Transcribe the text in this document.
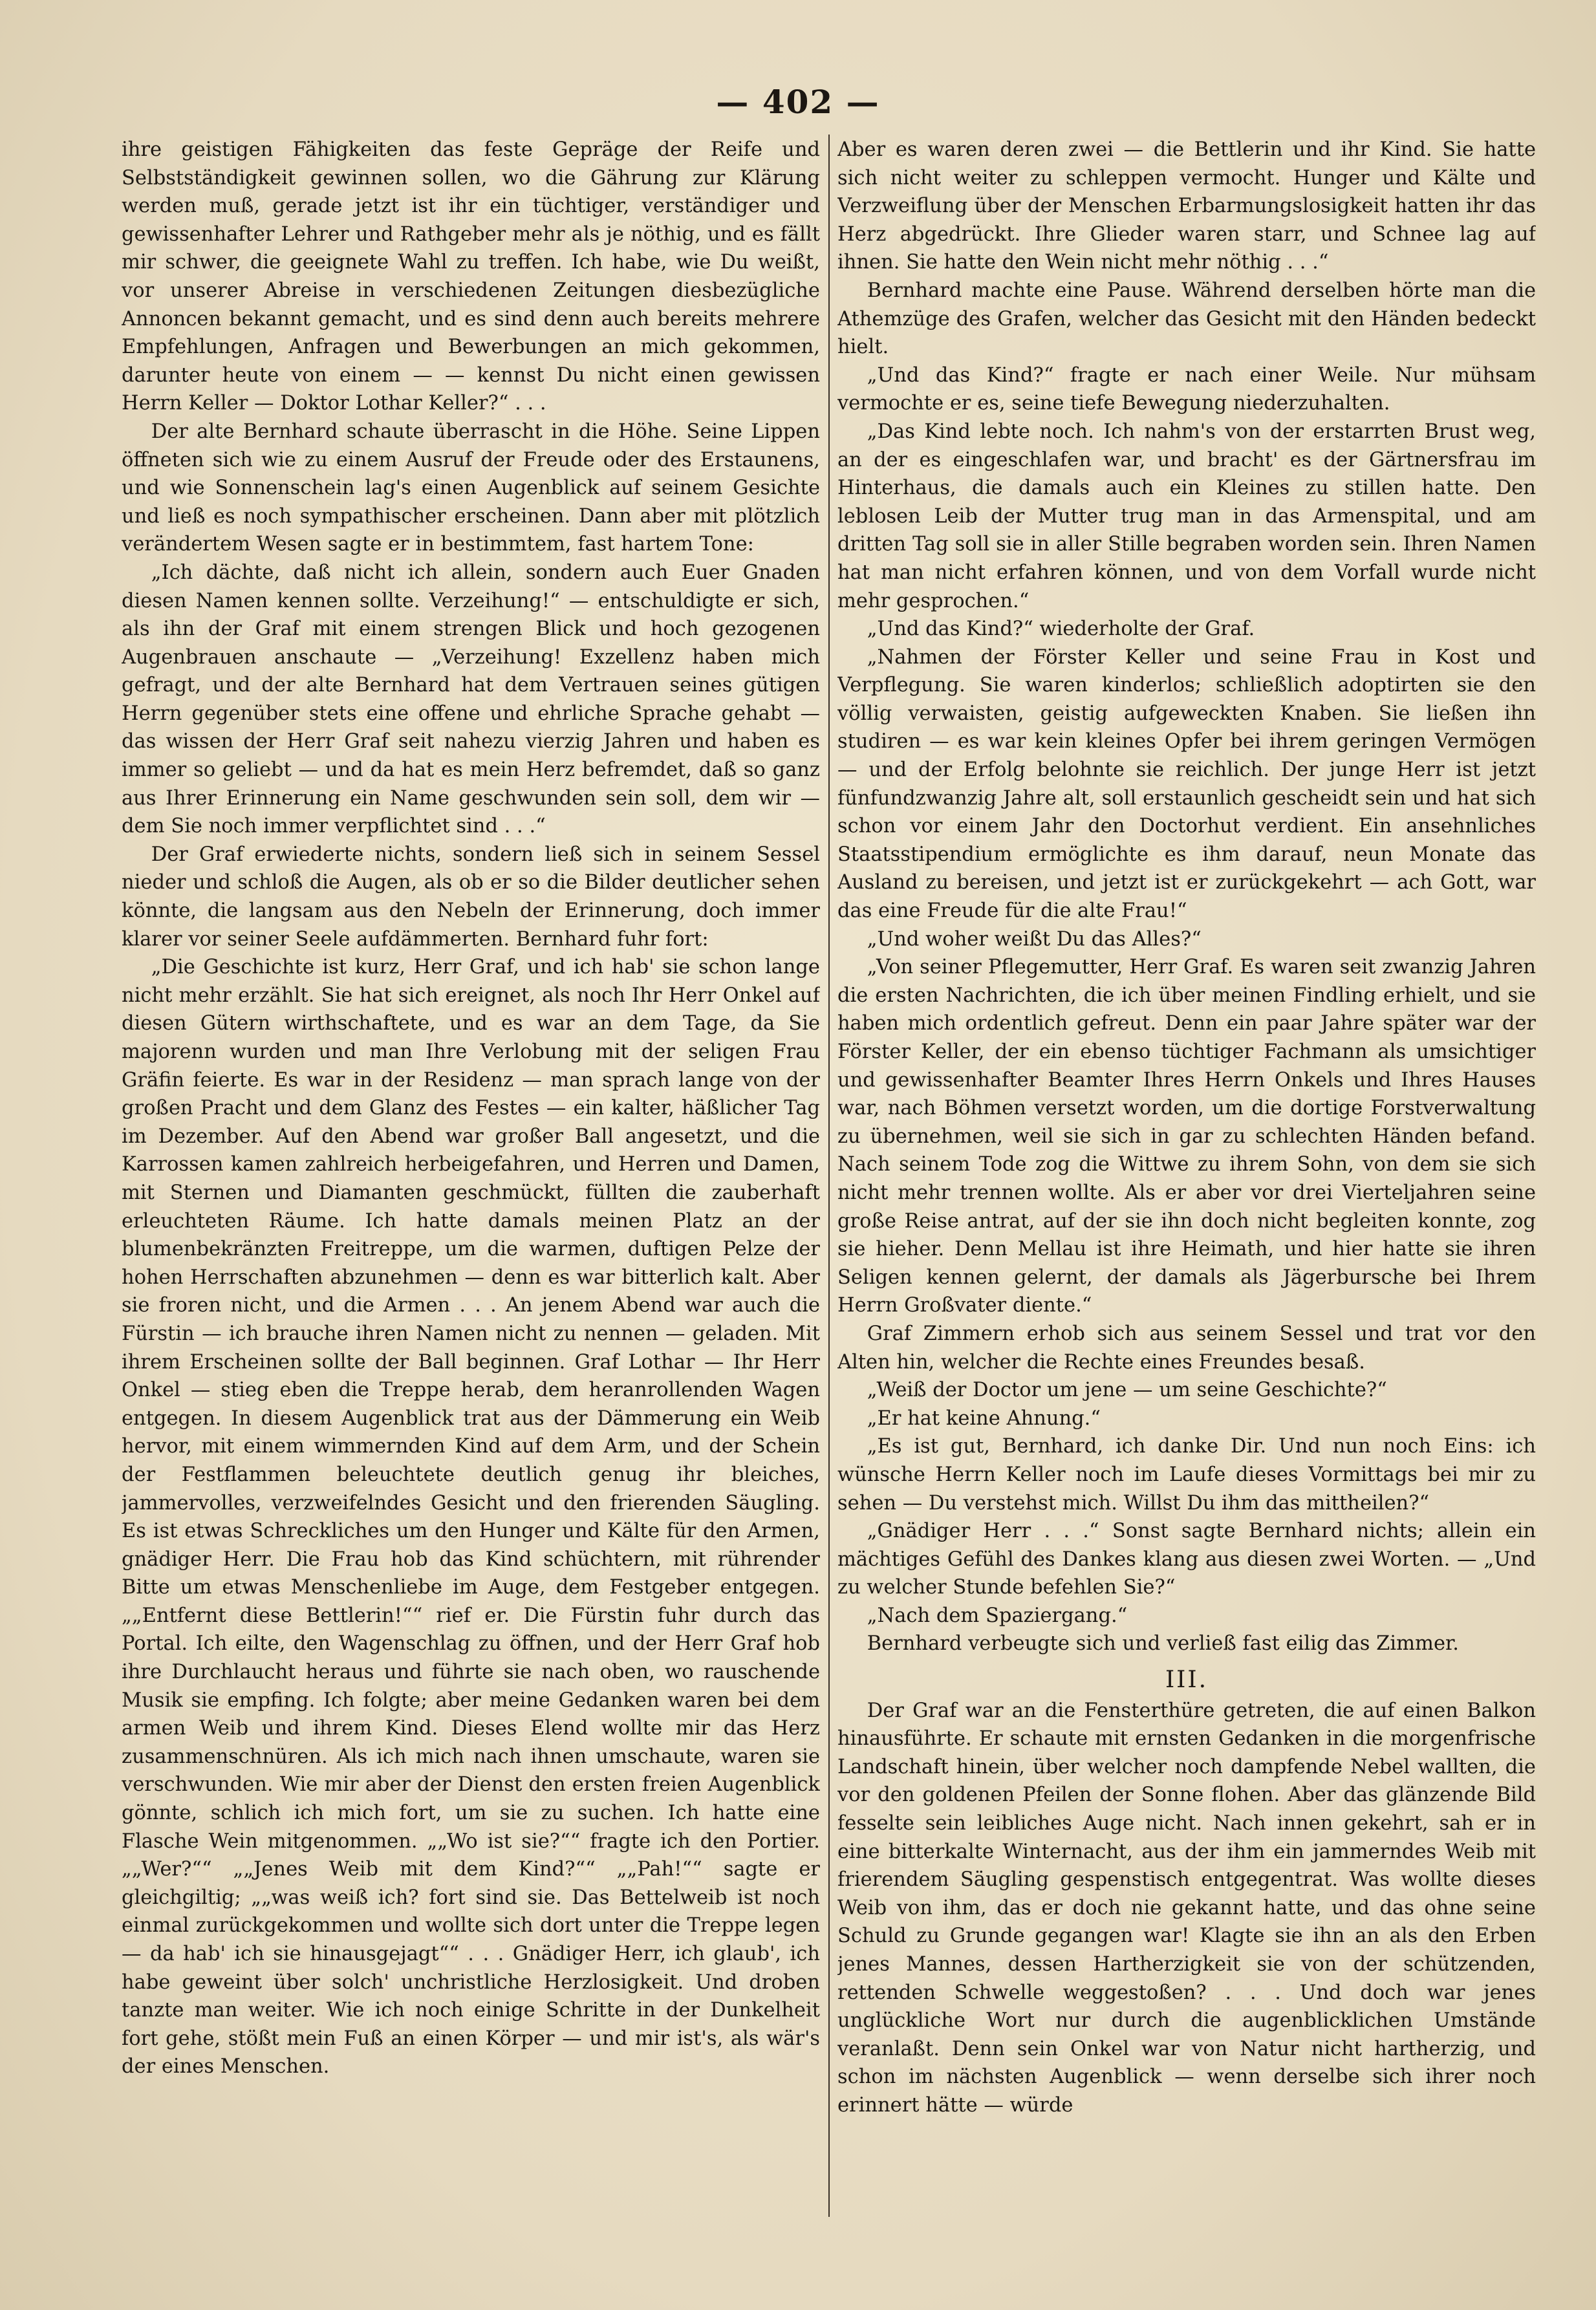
— 402 —

ihre geistigen Fähigkeiten das feste Gepräge der Reife und Selbstständigkeit gewinnen sollen, wo die Gährung zur Klärung werden muß, gerade jetzt ist ihr ein tüchtiger, verständiger und gewissenhafter Lehrer und Rathgeber mehr als je nöthig, und es fällt mir schwer, die geeignete Wahl zu treffen. Ich habe, wie Du weißt, vor unserer Abreise in verschiedenen Zeitungen diesbezügliche Annoncen bekannt gemacht, und es sind denn auch bereits mehrere Empfehlungen, Anfragen und Bewerbungen an mich gekommen, darunter heute von einem — — kennst Du nicht einen gewissen Herrn Keller — Doktor Lothar Keller?“ . . .

Der alte Bernhard schaute überrascht in die Höhe. Seine Lippen öffneten sich wie zu einem Ausruf der Freude oder des Erstaunens, und wie Sonnenschein lag's einen Augenblick auf seinem Gesichte und ließ es noch sympathischer erscheinen. Dann aber mit plötzlich verändertem Wesen sagte er in bestimmtem, fast hartem Tone:

„Ich dächte, daß nicht ich allein, sondern auch Euer Gnaden diesen Namen kennen sollte. Verzeihung!“ — entschuldigte er sich, als ihn der Graf mit einem strengen Blick und hoch gezogenen Augenbrauen anschaute — „Verzeihung! Exzellenz haben mich gefragt, und der alte Bernhard hat dem Vertrauen seines gütigen Herrn gegenüber stets eine offene und ehrliche Sprache gehabt — das wissen der Herr Graf seit nahezu vierzig Jahren und haben es immer so geliebt — und da hat es mein Herz befremdet, daß so ganz aus Ihrer Erinnerung ein Name geschwunden sein soll, dem wir — dem Sie noch immer verpflichtet sind . . .“

Der Graf erwiederte nichts, sondern ließ sich in seinem Sessel nieder und schloß die Augen, als ob er so die Bilder deutlicher sehen könnte, die langsam aus den Nebeln der Erinnerung, doch immer klarer vor seiner Seele aufdämmerten. Bernhard fuhr fort:

„Die Geschichte ist kurz, Herr Graf, und ich hab' sie schon lange nicht mehr erzählt. Sie hat sich ereignet, als noch Ihr Herr Onkel auf diesen Gütern wirthschaftete, und es war an dem Tage, da Sie majorenn wurden und man Ihre Verlobung mit der seligen Frau Gräfin feierte. Es war in der Residenz — man sprach lange von der großen Pracht und dem Glanz des Festes — ein kalter, häßlicher Tag im Dezember. Auf den Abend war großer Ball angesetzt, und die Karrossen kamen zahlreich herbeigefahren, und Herren und Damen, mit Sternen und Diamanten geschmückt, füllten die zauberhaft erleuchteten Räume. Ich hatte damals meinen Platz an der blumenbekränzten Freitreppe, um die warmen, duftigen Pelze der hohen Herrschaften abzunehmen — denn es war bitterlich kalt. Aber sie froren nicht, und die Armen . . . An jenem Abend war auch die Fürstin — ich brauche ihren Namen nicht zu nennen — geladen. Mit ihrem Erscheinen sollte der Ball beginnen. Graf Lothar — Ihr Herr Onkel — stieg eben die Treppe herab, dem heranrollenden Wagen entgegen. In diesem Augenblick trat aus der Dämmerung ein Weib hervor, mit einem wimmernden Kind auf dem Arm, und der Schein der Festflammen beleuchtete deutlich genug ihr bleiches, jammervolles, verzweifelndes Gesicht und den frierenden Säugling. Es ist etwas Schreckliches um den Hunger und Kälte für den Armen, gnädiger Herr. Die Frau hob das Kind schüchtern, mit rührender Bitte um etwas Menschenliebe im Auge, dem Festgeber entgegen. „„Entfernt diese Bettlerin!““ rief er. Die Fürstin fuhr durch das Portal. Ich eilte, den Wagenschlag zu öffnen, und der Herr Graf hob ihre Durchlaucht heraus und führte sie nach oben, wo rauschende Musik sie empfing. Ich folgte; aber meine Gedanken waren bei dem armen Weib und ihrem Kind. Dieses Elend wollte mir das Herz zusammenschnüren. Als ich mich nach ihnen umschaute, waren sie verschwunden. Wie mir aber der Dienst den ersten freien Augenblick gönnte, schlich ich mich fort, um sie zu suchen. Ich hatte eine Flasche Wein mitgenommen. „„Wo ist sie?““ fragte ich den Portier. „„Wer?““ „„Jenes Weib mit dem Kind?““ „„Pah!““ sagte er gleichgiltig; „„was weiß ich? fort sind sie. Das Bettelweib ist noch einmal zurückgekommen und wollte sich dort unter die Treppe legen — da hab' ich sie hinausgejagt““ . . . Gnädiger Herr, ich glaub', ich habe geweint über solch' unchristliche Herzlosigkeit. Und droben tanzte man weiter. Wie ich noch einige Schritte in der Dunkelheit fort gehe, stößt mein Fuß an einen Körper — und mir ist's, als wär's der eines Menschen.

Aber es waren deren zwei — die Bettlerin und ihr Kind. Sie hatte sich nicht weiter zu schleppen vermocht. Hunger und Kälte und Verzweiflung über der Menschen Erbarmungslosigkeit hatten ihr das Herz abgedrückt. Ihre Glieder waren starr, und Schnee lag auf ihnen. Sie hatte den Wein nicht mehr nöthig . . .“

Bernhard machte eine Pause. Während derselben hörte man die Athemzüge des Grafen, welcher das Gesicht mit den Händen bedeckt hielt.

„Und das Kind?“ fragte er nach einer Weile. Nur mühsam vermochte er es, seine tiefe Bewegung niederzuhalten.

„Das Kind lebte noch. Ich nahm's von der erstarrten Brust weg, an der es eingeschlafen war, und bracht' es der Gärtnersfrau im Hinterhaus, die damals auch ein Kleines zu stillen hatte. Den leblosen Leib der Mutter trug man in das Armenspital, und am dritten Tag soll sie in aller Stille begraben worden sein. Ihren Namen hat man nicht erfahren können, und von dem Vorfall wurde nicht mehr gesprochen.“

„Und das Kind?“ wiederholte der Graf.

„Nahmen der Förster Keller und seine Frau in Kost und Verpflegung. Sie waren kinderlos; schließlich adoptirten sie den völlig verwaisten, geistig aufgeweckten Knaben. Sie ließen ihn studiren — es war kein kleines Opfer bei ihrem geringen Vermögen — und der Erfolg belohnte sie reichlich. Der junge Herr ist jetzt fünfundzwanzig Jahre alt, soll erstaunlich gescheidt sein und hat sich schon vor einem Jahr den Doctorhut verdient. Ein ansehnliches Staatsstipendium ermöglichte es ihm darauf, neun Monate das Ausland zu bereisen, und jetzt ist er zurückgekehrt — ach Gott, war das eine Freude für die alte Frau!“

„Und woher weißt Du das Alles?“

„Von seiner Pflegemutter, Herr Graf. Es waren seit zwanzig Jahren die ersten Nachrichten, die ich über meinen Findling erhielt, und sie haben mich ordentlich gefreut. Denn ein paar Jahre später war der Förster Keller, der ein ebenso tüchtiger Fachmann als umsichtiger und gewissenhafter Beamter Ihres Herrn Onkels und Ihres Hauses war, nach Böhmen versetzt worden, um die dortige Forstverwaltung zu übernehmen, weil sie sich in gar zu schlechten Händen befand. Nach seinem Tode zog die Wittwe zu ihrem Sohn, von dem sie sich nicht mehr trennen wollte. Als er aber vor drei Vierteljahren seine große Reise antrat, auf der sie ihn doch nicht begleiten konnte, zog sie hieher. Denn Mellau ist ihre Heimath, und hier hatte sie ihren Seligen kennen gelernt, der damals als Jägerbursche bei Ihrem Herrn Großvater diente.“

Graf Zimmern erhob sich aus seinem Sessel und trat vor den Alten hin, welcher die Rechte eines Freundes besaß.

„Weiß der Doctor um jene — um seine Geschichte?“

„Er hat keine Ahnung.“

„Es ist gut, Bernhard, ich danke Dir. Und nun noch Eins: ich wünsche Herrn Keller noch im Laufe dieses Vormittags bei mir zu sehen — Du verstehst mich. Willst Du ihm das mittheilen?“

„Gnädiger Herr . . .“ Sonst sagte Bernhard nichts; allein ein mächtiges Gefühl des Dankes klang aus diesen zwei Worten. — „Und zu welcher Stunde befehlen Sie?“

„Nach dem Spaziergang.“

Bernhard verbeugte sich und verließ fast eilig das Zimmer.

III.

Der Graf war an die Fensterthüre getreten, die auf einen Balkon hinausführte. Er schaute mit ernsten Gedanken in die morgenfrische Landschaft hinein, über welcher noch dampfende Nebel wallten, die vor den goldenen Pfeilen der Sonne flohen. Aber das glänzende Bild fesselte sein leibliches Auge nicht. Nach innen gekehrt, sah er in eine bitterkalte Winternacht, aus der ihm ein jammerndes Weib mit frierendem Säugling gespenstisch entgegentrat. Was wollte dieses Weib von ihm, das er doch nie gekannt hatte, und das ohne seine Schuld zu Grunde gegangen war! Klagte sie ihn an als den Erben jenes Mannes, dessen Hartherzigkeit sie von der schützenden, rettenden Schwelle weggestoßen? . . . Und doch war jenes unglückliche Wort nur durch die augenblicklichen Umstände veranlaßt. Denn sein Onkel war von Natur nicht hartherzig, und schon im nächsten Augenblick — wenn derselbe sich ihrer noch erinnert hätte — würde
